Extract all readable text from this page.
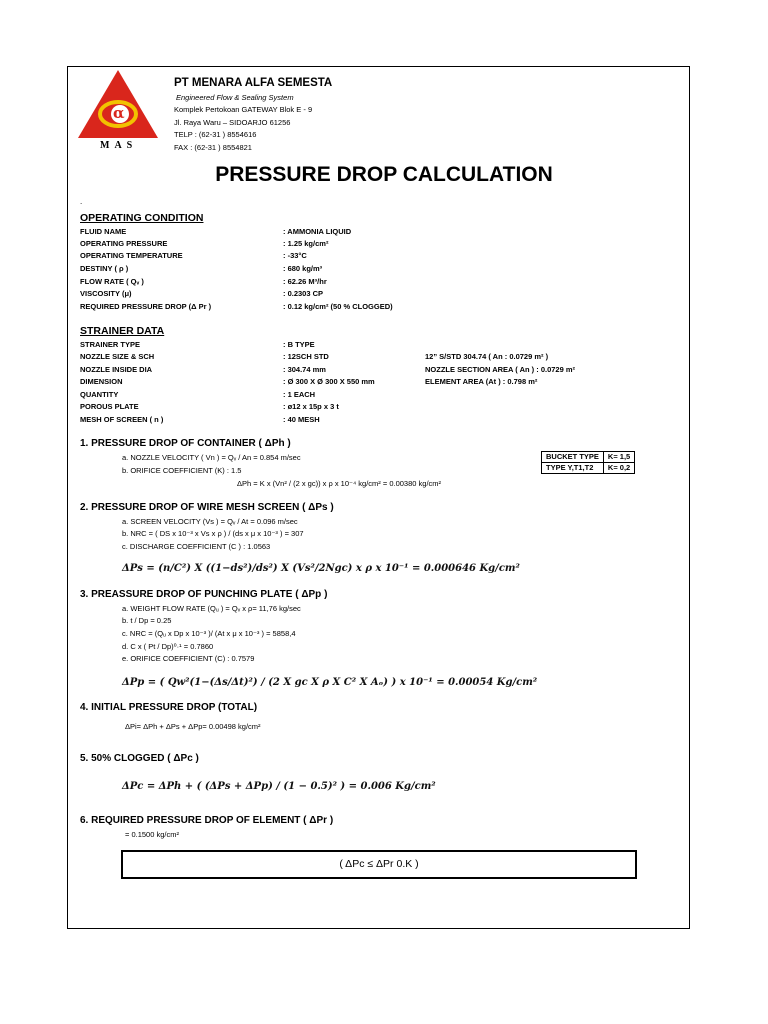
α
MAS
PT MENARA ALFA SEMESTA
Engineered Flow & Sealing System
Komplek Pertokoan GATEWAY Blok E - 9
Jl. Raya Waru – SIDOARJO 61256
TELP : (62-31 ) 8554616
FAX : (62-31 ) 8554821
PRESSURE DROP CALCULATION
.
OPERATING CONDITION
FLUID NAME	: AMMONIA LIQUID
OPERATING PRESSURE	: 1.25 kg/cm²
OPERATING TEMPERATURE	: -33°C
DESTINY ( ρ )	: 680 kg/m³
FLOW RATE ( Qᵥ )	: 62.26 M³/hr
VISCOSITY (μ)	: 0.2303 CP
REQUIRED PRESSURE DROP (Δ Pr )	: 0.12 kg/cm² (50 % CLOGGED)
STRAINER DATA
STRAINER TYPE	: B TYPE
NOZZLE SIZE & SCH	: 12SCH STD	12” S/STD 304.74 ( An : 0.0729 m² )
NOZZLE INSIDE DIA	: 304.74 mm	NOZZLE SECTION AREA ( An ) : 0.0729 m²
DIMENSION	: Ø 300 X Ø 300 X 550 mm	ELEMENT AREA (At ) : 0.798 m²
QUANTITY	: 1 EACH
POROUS PLATE	: ø12 x 15p x 3 t
MESH OF SCREEN ( n )	: 40 MESH
1. PRESSURE DROP OF CONTAINER ( ΔPh )
a. NOZZLE VELOCITY ( Vn ) = Qᵥ / An = 0.854 m/sec
b. ORIFICE COEFFICIENT (K) : 1.5
ΔPh = K x (Vn² / (2 x gc)) x ρ x 10⁻⁴ kg/cm² = 0.00380 kg/cm²
BUCKET TYPE	K= 1,5
TYPE Y,T1,T2	K= 0,2
2. PRESSURE DROP OF WIRE MESH SCREEN ( ΔPs )
a. SCREEN VELOCITY (Vs ) = Qᵥ / At = 0.096 m/sec
b. NRC = ( DS x 10⁻³ x Vs x ρ ) / (ds x μ x 10⁻³ ) = 307
c. DISCHARGE COEFFICIENT (C ) : 1.0563
ΔPs = (n/C²) X ((1−ds²)/ds²) X (Vs²/2Ngc) x ρ x 10⁻¹ = 0.000646 Kg/cm²
3. PREASSURE DROP OF PUNCHING PLATE ( ΔPp )
a. WEIGHT FLOW RATE (Qᵤ ) = Qᵥ x ρ= 11,76 kg/sec
b. t / Dp = 0.25
c. NRC = (Qᵤ x Dp x 10⁻³ )/ (At x μ x 10⁻³ ) = 5858,4
d. C x ( Pt / Dp)⁰·¹ = 0.7860
e. ORIFICE COEFFICIENT (C) : 0.7579
ΔPp = ( Qw²(1−(Δs/Δt)²) / (2 X gc X ρ X C² X Aₒ) ) x 10⁻¹ = 0.00054 Kg/cm²
4. INITIAL PRESSURE DROP (TOTAL)
ΔPi= ΔPh + ΔPs + ΔPp= 0.00498 kg/cm²
5. 50% CLOGGED ( ΔPc )
ΔPc = ΔPh + ( (ΔPs + ΔPp) / (1 − 0.5)² ) = 0.006 Kg/cm²
6. REQUIRED PRESSURE DROP OF ELEMENT ( ΔPr )
= 0.1500 kg/cm²
( ΔPc ≤ ΔPr 0.K )
